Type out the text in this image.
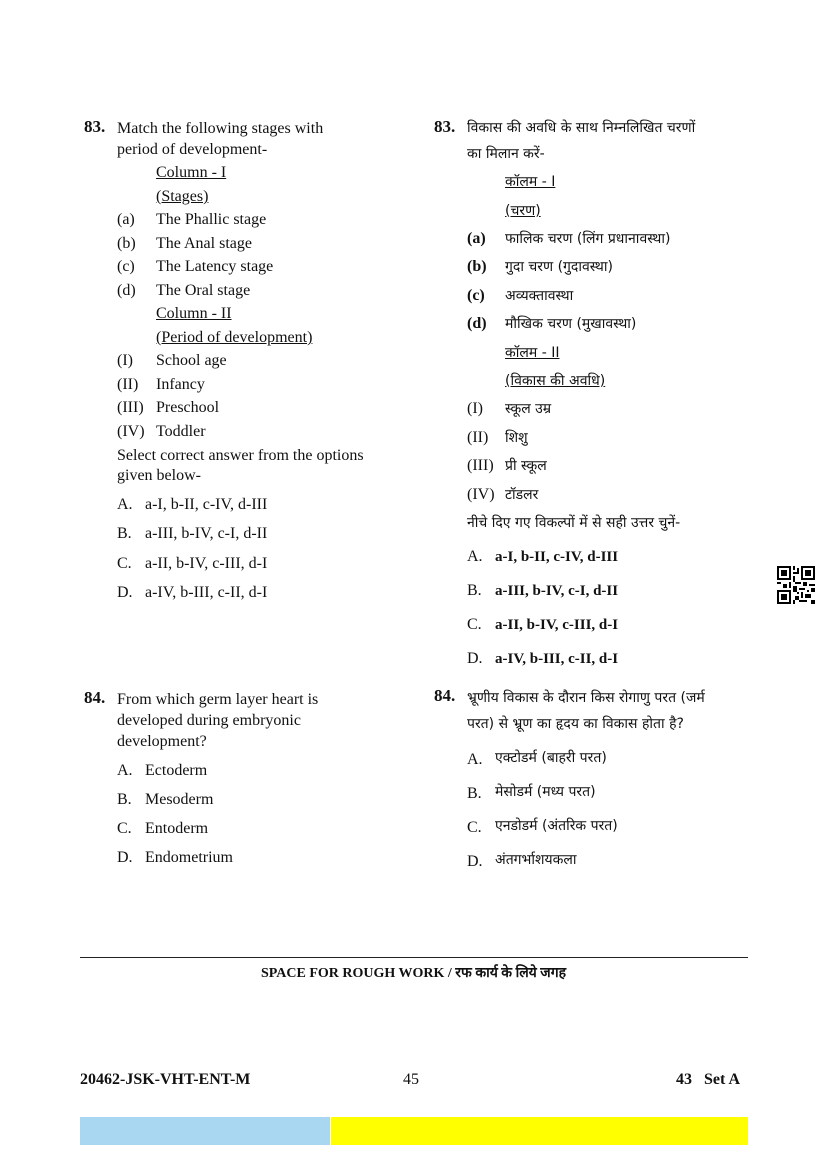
83. Match the following stages with
period of development-
Column - I
(Stages)
(a) The Phallic stage
(b) The Anal stage
(c) The Latency stage
(d) The Oral stage
Column - II
(Period of development)
(I) School age
(II) Infancy
(III) Preschool
(IV) Toddler
Select correct answer from the options
given below-
A. a-I, b-II, c-IV, d-III
B. a-III, b-IV, c-I, d-II
C. a-II, b-IV, c-III, d-I
D. a-IV, b-III, c-II, d-I
83. विकास की अवधि के साथ निम्नलिखित चरणों
का मिलान करें-
कॉलम - I
(चरण)
(a) फालिक चरण (लिंग प्रधानावस्था)
(b) गुदा चरण (गुदावस्था)
(c) अव्यक्तावस्था
(d) मौखिक चरण (मुखावस्था)
कॉलम - II
(विकास की अवधि)
(I) स्कूल उम्र
(II) शिशु
(III) प्री स्कूल
(IV) टॉडलर
नीचे दिए गए विकल्पों में से सही उत्तर चुनें-
A. a-I, b-II, c-IV, d-III
B. a-III, b-IV, c-I, d-II
C. a-II, b-IV, c-III, d-I
D. a-IV, b-III, c-II, d-I
84. From which germ layer heart is
developed during embryonic
development?
A. Ectoderm
B. Mesoderm
C. Entoderm
D. Endometrium
84. भ्रूणीय विकास के दौरान किस रोगाणु परत (जर्म
परत) से भ्रूण का हृदय का विकास होता है?
A. एक्टोडर्म (बाहरी परत)
B. मेसोडर्म (मध्य परत)
C. एनडोडर्म (अंतरिक परत)
D. अंतगर्भाशयकला
SPACE FOR ROUGH WORK / रफ कार्य के लिये जगह
20462-JSK-VHT-ENT-M	45	43   Set A
